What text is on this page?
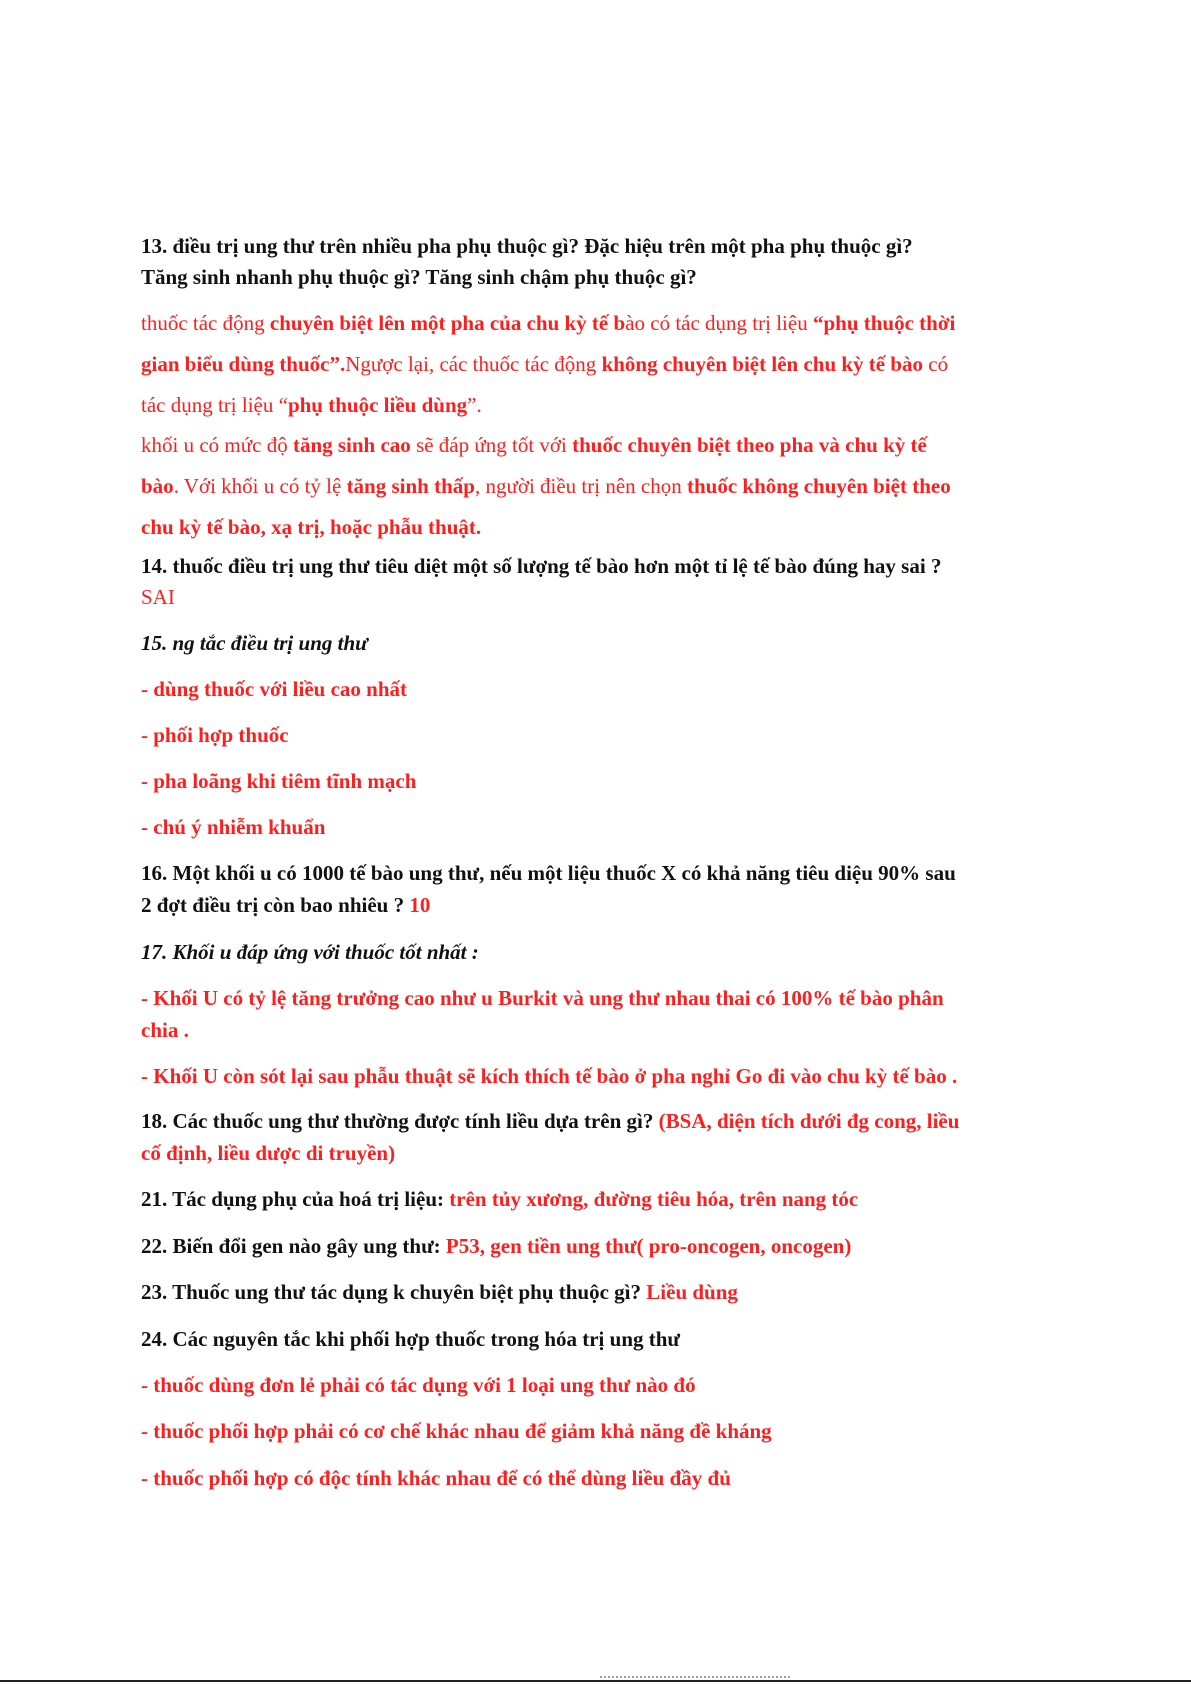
13. điều trị ung thư trên nhiều pha phụ thuộc gì? Đặc hiệu trên một pha phụ thuộc gì?
Tăng sinh nhanh phụ thuộc gì? Tăng sinh chậm phụ thuộc gì?
thuốc tác động chuyên biệt lên một pha của chu kỳ tế bào có tác dụng trị liệu “phụ thuộc thời
gian biểu dùng thuốc”.Ngược lại, các thuốc tác động không chuyên biệt lên chu kỳ tế bào có
tác dụng trị liệu “phụ thuộc liều dùng”.
khối u có mức độ tăng sinh cao sẽ đáp ứng tốt với thuốc chuyên biệt theo pha và chu kỳ tế
bào. Với khối u có tỷ lệ tăng sinh thấp, người điều trị nên chọn thuốc không chuyên biệt theo
chu kỳ tế bào, xạ trị, hoặc phẫu thuật.
14. thuốc điều trị ung thư tiêu diệt một số lượng tế bào hơn một tỉ lệ tế bào đúng hay sai ?
SAI
15. ng tắc điều trị ung thư
- dùng thuốc với liều cao nhất
- phối hợp thuốc
- pha loãng khi tiêm tĩnh mạch
- chú ý nhiễm khuẩn
16. Một khối u có 1000 tế bào ung thư, nếu một liệu thuốc X có khả năng tiêu diệu 90% sau
2 đợt điều trị còn bao nhiêu ? 10
17. Khối u đáp ứng với thuốc tốt nhất :
- Khối U có tỷ lệ tăng trưởng cao như u Burkit và ung thư nhau thai có 100% tế bào phân
chia .
- Khối U còn sót lại sau phẫu thuật sẽ kích thích tế bào ở pha nghỉ Go đi vào chu kỳ tế bào .
18. Các thuốc ung thư thường được tính liều dựa trên gì? (BSA, diện tích dưới đg cong, liều
cố định, liều dược di truyền)
21. Tác dụng phụ của hoá trị liệu: trên tủy xương, đường tiêu hóa, trên nang tóc
22. Biến đổi gen nào gây ung thư: P53, gen tiền ung thư( pro-oncogen, oncogen)
23. Thuốc ung thư tác dụng k chuyên biệt phụ thuộc gì? Liều dùng
24. Các nguyên tắc khi phối hợp thuốc trong hóa trị ung thư
- thuốc dùng đơn lẻ phải có tác dụng với 1 loại ung thư nào đó
- thuốc phối hợp phải có cơ chế khác nhau để giảm khả năng đề kháng
- thuốc phối hợp có độc tính khác nhau để có thể dùng liều đầy đủ
